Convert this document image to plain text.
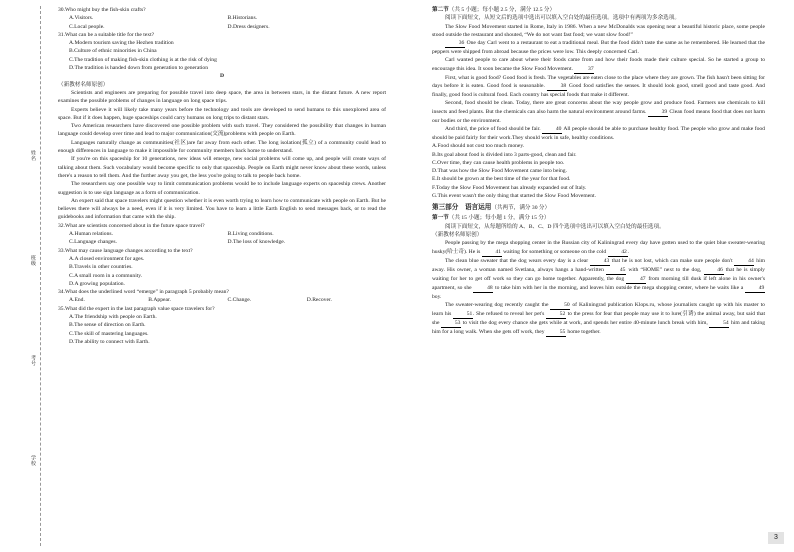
姓名
班级
考号
学校

30.Who might buy the fish-skin crafts?

A.Visitors.	B.Historians.
C.Local people.	D.Dress designers.

31.What can be a suitable title for the text?

A.Modern tourism saving the Hezhen tradition
B.Culture of ethnic minorities in China
C.The tradition of making fish-skin clothing is at the risk of dying
D.The tradition is handed down from generation to generation
D

（新教材名师原创）

Scientists and engineers are preparing for possible travel into deep space, the area in between stars, in the distant future. A new report examines the possible problems of changes in language on long space trips.

Experts believe it will likely take many years before the technology and tools are developed to send humans to this unexplored area of space. But if it does happen, huge spaceships could carry humans on long trips to distant stars.

Two American researchers have discovered one possible problem with such travel. They considered the possibility that changes in human language could develop over time and lead to major communication(交流)problems with people on Earth.

Languages naturally change as communities(社区)are far away from each other. The long isolation(孤立) of a community could lead to enough differences in language to make it impossible for community members back home to understand.

If you're on this spaceship for 10 generations, new ideas will emerge, new social problems will come up, and people will create ways of talking about them. Such vocabulary would become specific to only that spaceship. People on Earth might never know about these words, unless there's a reason to tell them. And the further away you get, the less you're going to talk to people back home.

The researchers say one possible way to limit communication problems would be to include language experts on spaceship crews. Another suggestion is to use sign language as a form of communication.

An expert said that space travelers might question whether it is even worth trying to learn how to communicate with people on Earth. But he believes there will always be a need, even if it is very limited. You have to learn a little Earth English to send messages back, or to read the guidebooks and information that came with the ship.

32.What are scientists concerned about in the future space travel?

A.Human relations.	B.Living conditions.
C.Language changes.	D.The loss of knowledge.

33.What may cause language changes according to the text?

A.A closed environment for ages.
B.Travels in other countries.
C.A small room in a community.
D.A growing population.

34.What does the underlined word “emerge” in paragraph 5 probably mean?

A.End.	B.Appear.	C.Change.	D.Recover.

35.What did the expert in the last paragraph value space travelers for?

A.The friendship with people on Earth.
B.The sense of direction on Earth.
C.The skill of mastering languages.
D.The ability to connect with Earth.

第二节（共 5 小题；每小题 2.5 分，满分 12.5 分）

阅读下面短文，从短文后的选项中选出可以填入空白处的最佳选项。选项中有两项为多余选项。

The Slow Food Movement started in Rome, Italy in 1986. When a new McDonalds was opening near a beautiful historic place, some people stood outside the restaurant and shouted, “We do not want fast food; we want slow food!”

36 One day Carl went to a restaurant to eat a traditional meal. But the food didn't taste the same as he remembered. He learned that the peppers were shipped from abroad because the prices were low. This deeply concerned Carl.

Carl wanted people to care about where their foods came from and how their foods made their culture special. So he started a group to encourage this idea. It soon became the Slow Food Movement.	37

First, what is good food? Good food is fresh. The vegetables are eaten close to the place where they are grown. The fish hasn't been sitting for days before it is eaten. Good food is seasonable.	38 Good food satisfies the senses. It should look good, smell good and taste good. And finally, good food is cultural food. Each country has special foods that make it different.

Second, food should be clean. Today, there are great concerns about the way people grow and produce food. Farmers use chemicals to kill insects and feed plants. But the chemicals can also harm the natural environment around farms.	39 Clean food means food that does not harm our bodies or the environment.

And third, the price of food should be fair.	40 All people should be able to purchase healthy food. The people who grow and make food should be paid fairly for their work.They should work in safe, healthy conditions.

A.Food should not cost too much money.
B.Its goal about food is divided into 3 parts-good, clean and fair.
C.Over time, they can cause health problems in people too.
D.That was how the Slow Food Movement came into being.
E.It should be grown at the best time of the year for that food.
F.Today the Slow Food Movement has already expanded out of Italy.
G.This event wasn't the only thing that started the Slow Food Movement.
第三部分　语言运用（共两节，满分 30 分）

第一节（共 15 小题；每小题 1 分，满分 15 分）

阅读下面短文，从每题所给的 A、B、C、D 四个选项中选出可以填入空白处的最佳选项。

（新教材名师原创）

People passing by the mega shopping center in the Russian city of Kaliningrad every day have gotten used to the quiet blue sweater-wearing husky(哈士奇). He is	41 waiting for something or someone on the cold	42.

The clean blue sweater that the dog wears every day is a clear	43 that he is not lost, which can make sure people don't	44 him away. His owner, a woman named Svetlana, always hangs a hand-written	45 with “HOME” next to the dog,	46 that he is simply waiting for her to get off work so they can go home together. Apparently, the dog	47 from morning till dusk if left alone in his owner's apartment, so she	48 to take him with her in the morning, and leaves him outside the mega shopping center, where he waits like a	49 boy.

The sweater-wearing dog recently caught the	50 of Kaliningrad publication Klops.ru, whose journalists caught up with his master to learn his	51. She refused to reveal her pet's	52 to the press for fear that people may use it to lure(引诱) the animal away, but said that she	53 to visit the dog every chance she gets while at work, and spends her entire 40-minute lunch break with him,	54 him and taking him for a long walk. When she gets off work, they	55 home together.

3
